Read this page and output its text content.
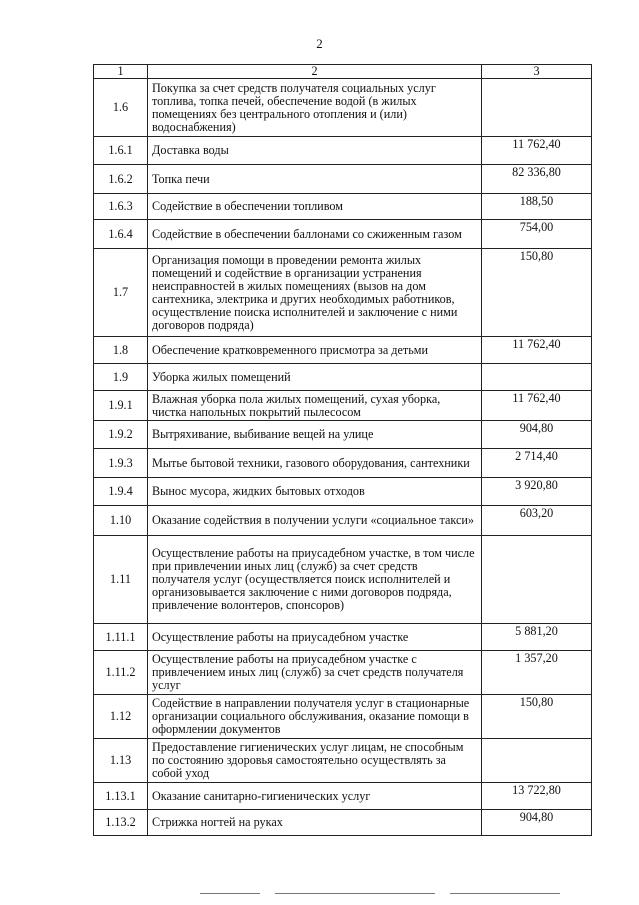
2
1	2	3
1.6	Покупка за счет средств получателя социальных услуг топлива, топка печей, обеспечение водой (в жилых помещениях без центрального отопления и (или) водоснабжения)	
1.6.1	Доставка воды	11 762,40
1.6.2	Топка печи	82 336,80
1.6.3	Содействие в обеспечении топливом	188,50
1.6.4	Содействие в обеспечении баллонами со сжиженным газом	754,00
1.7	Организация помощи в проведении ремонта жилых помещений и содействие в организации устранения неисправностей в жилых помещениях (вызов на дом сантехника, электрика и других необходимых работников, осуществление поиска исполнителей и заключение с ними договоров подряда)	150,80
1.8	Обеспечение кратковременного присмотра за детьми	11 762,40
1.9	Уборка жилых помещений	
1.9.1	Влажная уборка пола жилых помещений, сухая уборка, чистка напольных покрытий пылесосом	11 762,40
1.9.2	Вытряхивание, выбивание вещей на улице	904,80
1.9.3	Мытье бытовой техники, газового оборудования, сантехники	2 714,40
1.9.4	Вынос мусора, жидких бытовых отходов	3 920,80
1.10	Оказание содействия в получении услуги «социальное такси»	603,20
1.11	Осуществление работы на приусадебном участке, в том числе при привлечении иных лиц (служб) за счет средств получателя услуг (осуществляется поиск исполнителей и организовывается заключение с ними договоров подряда, привлечение волонтеров, спонсоров)	
1.11.1	Осуществление работы на приусадебном участке	5 881,20
1.11.2	Осуществление работы на приусадебном участке с привлечением иных лиц (служб) за счет средств получателя услуг	1 357,20
1.12	Содействие в направлении получателя услуг в стационарные организации социального обслуживания, оказание помощи в оформлении документов	150,80
1.13	Предоставление гигиенических услуг лицам, не способным по состоянию здоровья самостоятельно осуществлять за собой уход	
1.13.1	Оказание санитарно-гигиенических услуг	13 722,80
1.13.2	Стрижка ногтей на руках	904,80
